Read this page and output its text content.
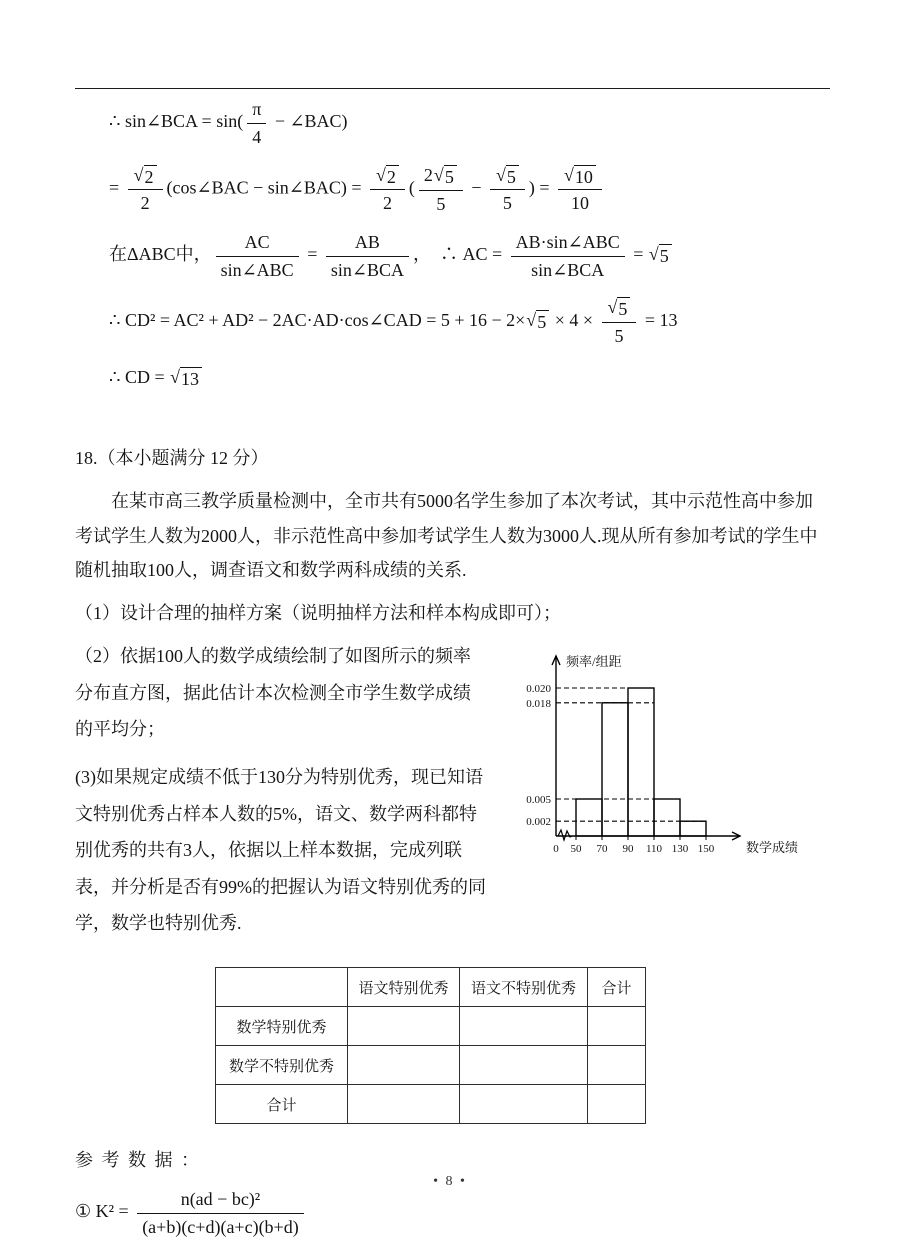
∴ sin∠BCA = $\sin( \frac{\pi}{4}$ − ∠BAC)
= $\frac{√ 2}{2}$ (cos∠BAC − sin∠BAC) = $\frac{√ 2}{2}$ ( $\frac{2 √ 5}{5} - \frac{√ 5}{5}$ ) = $\frac{√ 10}{10}$
在ΔABC中， $\frac{AC}{\text{sin∠ABC}} = \frac{AB}{\text{sin∠BCA}}$ ，　∴ AC = $\frac{\text{AB·sin∠ABC}}{\text{sin∠BCA}}$ = √ 5
∴ CD² = AC² + AD² − 2AC·AD·cos∠CAD = 5 + 16 − 2× √ $5 \times 4 \times \frac{√ 5}{5} = 13$
∴ CD = √ 13
18.（本小题满分 12 分）

在某市高三教学质量检测中，全市共有5000名学生参加了本次考试，其中示范性高中参加考试学生人数为2000人，非示范性高中参加考试学生人数为3000人.现从所有参加考试的学生中随机抽取100人，调查语文和数学两科成绩的关系.

（1）设计合理的抽样方案（说明抽样方法和样本构成即可）；

（2）依据100人的数学成绩绘制了如图所示的频率分布直方图，据此估计本次检测全市学生数学成绩的平均分；

(3)如果规定成绩不低于130分为特别优秀，现已知语文特别优秀占样本人数的5%，语文、数学两科都特别优秀的共有3人，依据以上样本数据，完成列联表，并分析是否有99%的把握认为语文特别优秀的同学，数学也特别优秀.

0.020
0.018
0.005
0.002
0 50 70 90 110 130 150
频率/组距
数学成绩
	语文特别优秀	语文不特别优秀	合计
数学特别优秀			
数学不特别优秀			
合计			

参 考 数 据 ：

① $K^2 = \frac{\text{n(ad − bc)²}}{(a+b)(c+d)(a+c)(b+d)}$
• 8 •
